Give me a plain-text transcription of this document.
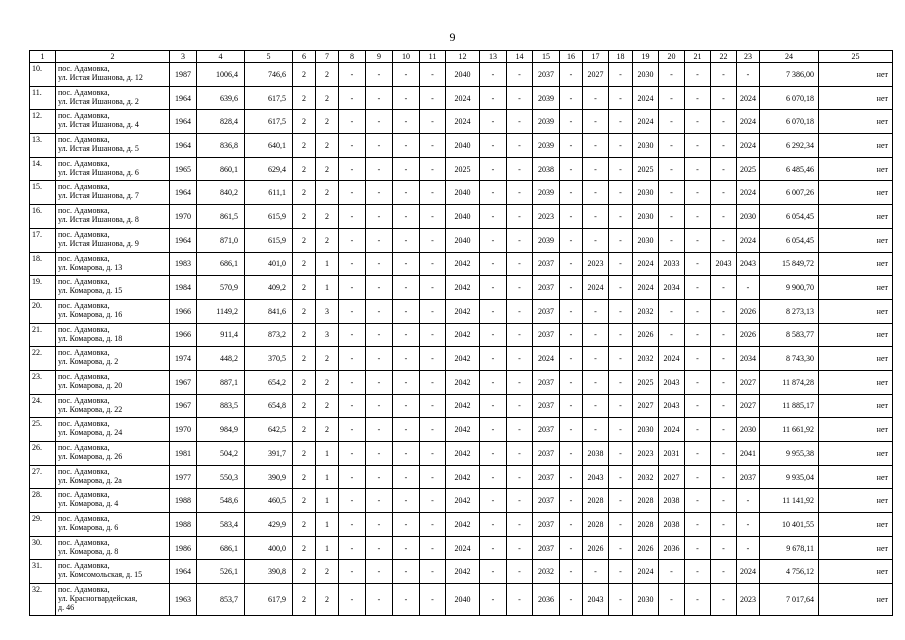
9
1	2	3	4	5	6	7	8	9	10	11	12	13	14	15	16	17	18	19	20	21	22	23	24	25
10.	пос. Адамовка,
ул. Истая Ишанова, д. 12	1987	1006,4	746,6	2	2	-	-	-	-	2040	-	-	2037	-	2027	-	2030	-	-	-	-	7 386,00	нет
11.	пос. Адамовка,
ул. Истая Ишанова, д. 2	1964	639,6	617,5	2	2	-	-	-	-	2024	-	-	2039	-	-	-	2024	-	-	-	2024	6 070,18	нет
12.	пос. Адамовка,
ул. Истая Ишанова, д. 4	1964	828,4	617,5	2	2	-	-	-	-	2024	-	-	2039	-	-	-	2024	-	-	-	2024	6 070,18	нет
13.	пос. Адамовка,
ул. Истая Ишанова, д. 5	1964	836,8	640,1	2	2	-	-	-	-	2040	-	-	2039	-	-	-	2030	-	-	-	2024	6 292,34	нет
14.	пос. Адамовка,
ул. Истая Ишанова, д. 6	1965	860,1	629,4	2	2	-	-	-	-	2025	-	-	2038	-	-	-	2025	-	-	-	2025	6 485,46	нет
15.	пос. Адамовка,
ул. Истая Ишанова, д. 7	1964	840,2	611,1	2	2	-	-	-	-	2040	-	-	2039	-	-	-	2030	-	-	-	2024	6 007,26	нет
16.	пос. Адамовка,
ул. Истая Ишанова, д. 8	1970	861,5	615,9	2	2	-	-	-	-	2040	-	-	2023	-	-	-	2030	-	-	-	2030	6 054,45	нет
17.	пос. Адамовка,
ул. Истая Ишанова, д. 9	1964	871,0	615,9	2	2	-	-	-	-	2040	-	-	2039	-	-	-	2030	-	-	-	2024	6 054,45	нет
18.	пос. Адамовка,
ул. Комарова, д. 13	1983	686,1	401,0	2	1	-	-	-	-	2042	-	-	2037	-	2023	-	2024	2033	-	2043	2043	15 849,72	нет
19.	пос. Адамовка,
ул. Комарова, д. 15	1984	570,9	409,2	2	1	-	-	-	-	2042	-	-	2037	-	2024	-	2024	2034	-	-	-	9 900,70	нет
20.	пос. Адамовка,
ул. Комарова, д. 16	1966	1149,2	841,6	2	3	-	-	-	-	2042	-	-	2037	-	-	-	2032	-	-	-	2026	8 273,13	нет
21.	пос. Адамовка,
ул. Комарова, д. 18	1966	911,4	873,2	2	3	-	-	-	-	2042	-	-	2037	-	-	-	2026	-	-	-	2026	8 583,77	нет
22.	пос. Адамовка,
ул. Комарова, д. 2	1974	448,2	370,5	2	2	-	-	-	-	2042	-	-	2024	-	-	-	2032	2024	-	-	2034	8 743,30	нет
23.	пос. Адамовка,
ул. Комарова, д. 20	1967	887,1	654,2	2	2	-	-	-	-	2042	-	-	2037	-	-	-	2025	2043	-	-	2027	11 874,28	нет
24.	пос. Адамовка,
ул. Комарова, д. 22	1967	883,5	654,8	2	2	-	-	-	-	2042	-	-	2037	-	-	-	2027	2043	-	-	2027	11 885,17	нет
25.	пос. Адамовка,
ул. Комарова, д. 24	1970	984,9	642,5	2	2	-	-	-	-	2042	-	-	2037	-	-	-	2030	2024	-	-	2030	11 661,92	нет
26.	пос. Адамовка,
ул. Комарова, д. 26	1981	504,2	391,7	2	1	-	-	-	-	2042	-	-	2037	-	2038	-	2023	2031	-	-	2041	9 955,38	нет
27.	пос. Адамовка,
ул. Комарова, д. 2а	1977	550,3	390,9	2	1	-	-	-	-	2042	-	-	2037	-	2043	-	2032	2027	-	-	2037	9 935,04	нет
28.	пос. Адамовка,
ул. Комарова, д. 4	1988	548,6	460,5	2	1	-	-	-	-	2042	-	-	2037	-	2028	-	2028	2038	-	-	-	11 141,92	нет
29.	пос. Адамовка,
ул. Комарова, д. 6	1988	583,4	429,9	2	1	-	-	-	-	2042	-	-	2037	-	2028	-	2028	2038	-	-	-	10 401,55	нет
30.	пос. Адамовка,
ул. Комарова, д. 8	1986	686,1	400,0	2	1	-	-	-	-	2024	-	-	2037	-	2026	-	2026	2036	-	-	-	9 678,11	нет
31.	пос. Адамовка,
ул. Комсомольская, д. 15	1964	526,1	390,8	2	2	-	-	-	-	2042	-	-	2032	-	-	-	2024	-	-	-	2024	4 756,12	нет
32.	пос. Адамовка,
ул. Красногвардейская,
д. 46	1963	853,7	617,9	2	2	-	-	-	-	2040	-	-	2036	-	2043	-	2030	-	-	-	2023	7 017,64	нет
